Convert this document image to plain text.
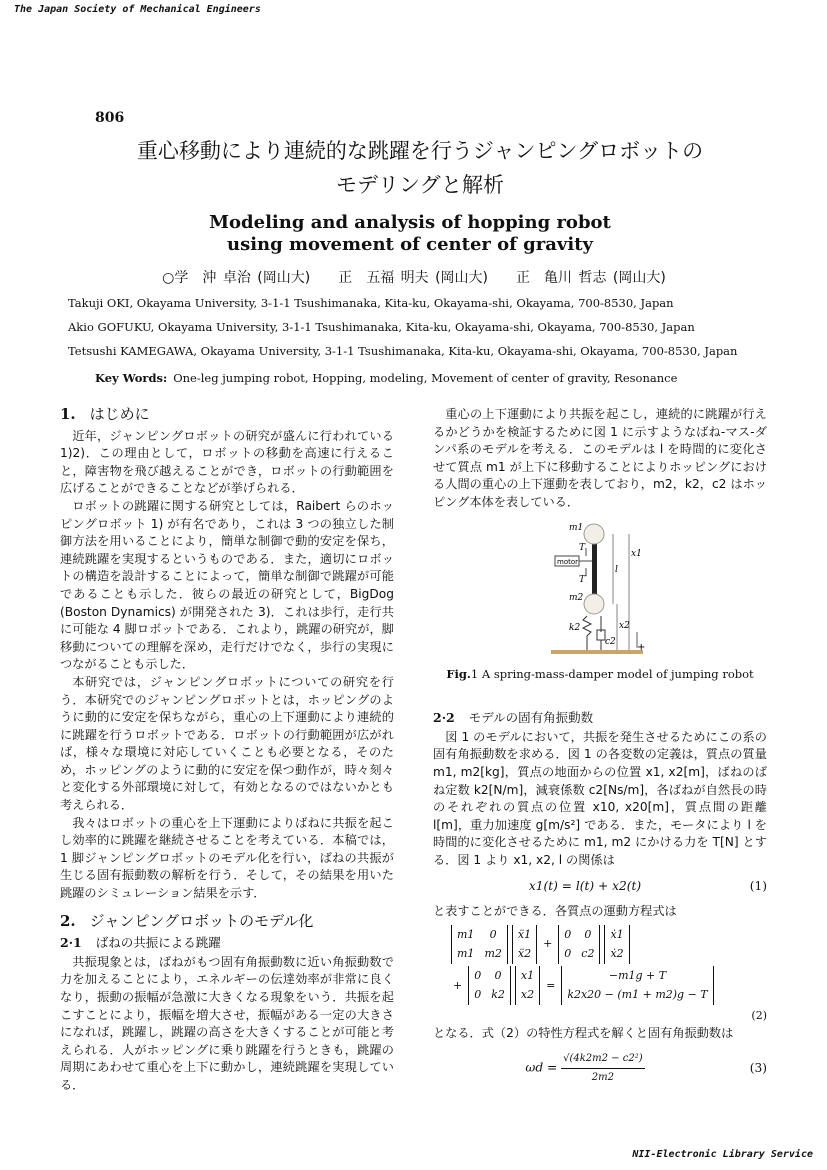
The Japan Society of Mechanical Engineers
806
重心移動により連続的な跳躍を行うジャンピングロボットの
モデリングと解析
Modeling and analysis of hopping robot
using movement of center of gravity
○学　沖 卓治 (岡山大)　　正　五福 明夫 (岡山大)　　正　亀川 哲志 (岡山大)
Takuji OKI, Okayama University, 3-1-1 Tsushimanaka, Kita-ku, Okayama-shi, Okayama, 700-8530, Japan
Akio GOFUKU, Okayama University, 3-1-1 Tsushimanaka, Kita-ku, Okayama-shi, Okayama, 700-8530, Japan
Tetsushi KAMEGAWA, Okayama University, 3-1-1 Tsushimanaka, Kita-ku, Okayama-shi, Okayama, 700-8530, Japan
Key Words: One-leg jumping robot, Hopping, modeling, Movement of center of gravity, Resonance
1. はじめに

近年，ジャンピングロボットの研究が盛んに行われている 1)2)．この理由として，ロボットの移動を高速に行えること，障害物を飛び越えることができ，ロボットの行動範囲を広げることができることなどが挙げられる．

ロボットの跳躍に関する研究としては，Raibert らのホッピングロボット 1) が有名であり，これは 3 つの独立した制御方法を用いることにより，簡単な制御で動的安定を保ち，連続跳躍を実現するというものである．また，適切にロボットの構造を設計することによって，簡単な制御で跳躍が可能であることも示した．彼らの最近の研究として，BigDog (Boston Dynamics) が開発された 3)．これは歩行，走行共に可能な 4 脚ロボットである．これより，跳躍の研究が，脚移動についての理解を深め，走行だけでなく，歩行の実現につながることも示した．

本研究では，ジャンピングロボットについての研究を行う．本研究でのジャンピングロボットとは，ホッピングのように動的に安定を保ちながら，重心の上下運動により連続的に跳躍を行うロボットである．ロボットの行動範囲が広がれば，様々な環境に対応していくことも必要となる，そのため，ホッピングのように動的に安定を保つ動作が，時々刻々と変化する外部環境に対して，有効となるのではないかとも考えられる．

我々はロボットの重心を上下運動によりばねに共振を起こし効率的に跳躍を継続させることを考えている．本稿では，1 脚ジャンピングロボットのモデル化を行い，ばねの共振が生じる固有振動数の解析を行う．そして，その結果を用いた跳躍のシミュレーション結果を示す．

2. ジャンピングロボットのモデル化
2·1 ばねの共振による跳躍

共振現象とは，ばねがもつ固有角振動数に近い角振動数で力を加えることにより，エネルギーの伝達効率が非常に良くなり，振動の振幅が急激に大きくなる現象をいう．共振を起こすことにより，振幅を増大させ，振幅がある一定の大きさになれば，跳躍し，跳躍の高さを大きくすることが可能と考えられる．人がホッピングに乗り跳躍を行うときも，跳躍の周期にあわせて重心を上下に動かし，連続跳躍を実現している．

重心の上下運動により共振を起こし，連続的に跳躍が行えるかどうかを検証するために図 1 に示すようなばね-マス-ダンパ系のモデルを考える．このモデルは l を時間的に変化させて質点 m1 が上下に移動することによりホッピングにおける人間の重心の上下運動を表しており，m2，k2，c2 はホッピング本体を表している．

m1
motor
T
T
l
x1
m2
x2
k2
c2 +
Fig.1 A spring-mass-damper model of jumping robot
2·2 モデルの固有角振動数

図 1 のモデルにおいて，共振を発生させるためにこの系の固有角振動数を求める．図 1 の各変数の定義は，質点の質量 m1, m2[kg]，質点の地面からの位置 x1, x2[m]，ばねのばね定数 k2[N/m]，減衰係数 c2[Ns/m]，各ばねが自然長の時のそれぞれの質点の位置 x10, x20[m]，質点間の距離 l[m]，重力加速度 g[m/s²] である．また，モータにより l を時間的に変化させるために m1, m2 にかける力を T[N] とする．図 1 より x1, x2, l の関係は

x1(t) = l(t) + x2(t)	(1)

と表すことができる．各質点の運動方程式は

m1	0
m1 m2
ẍ1
ẍ2
+
0 0
0 c2
ẋ1
ẋ2
+
0	0
0 k2
x1
x2
=
−m1g + T
k2x20 − (m1 + m2)g − T
(2)

となる．式（2）の特性方程式を解くと固有角振動数は

$\omega d = \frac{\text{√(4k2m2 − c2²)}}{2m2}$	(3)
NII-Electronic Library Service
